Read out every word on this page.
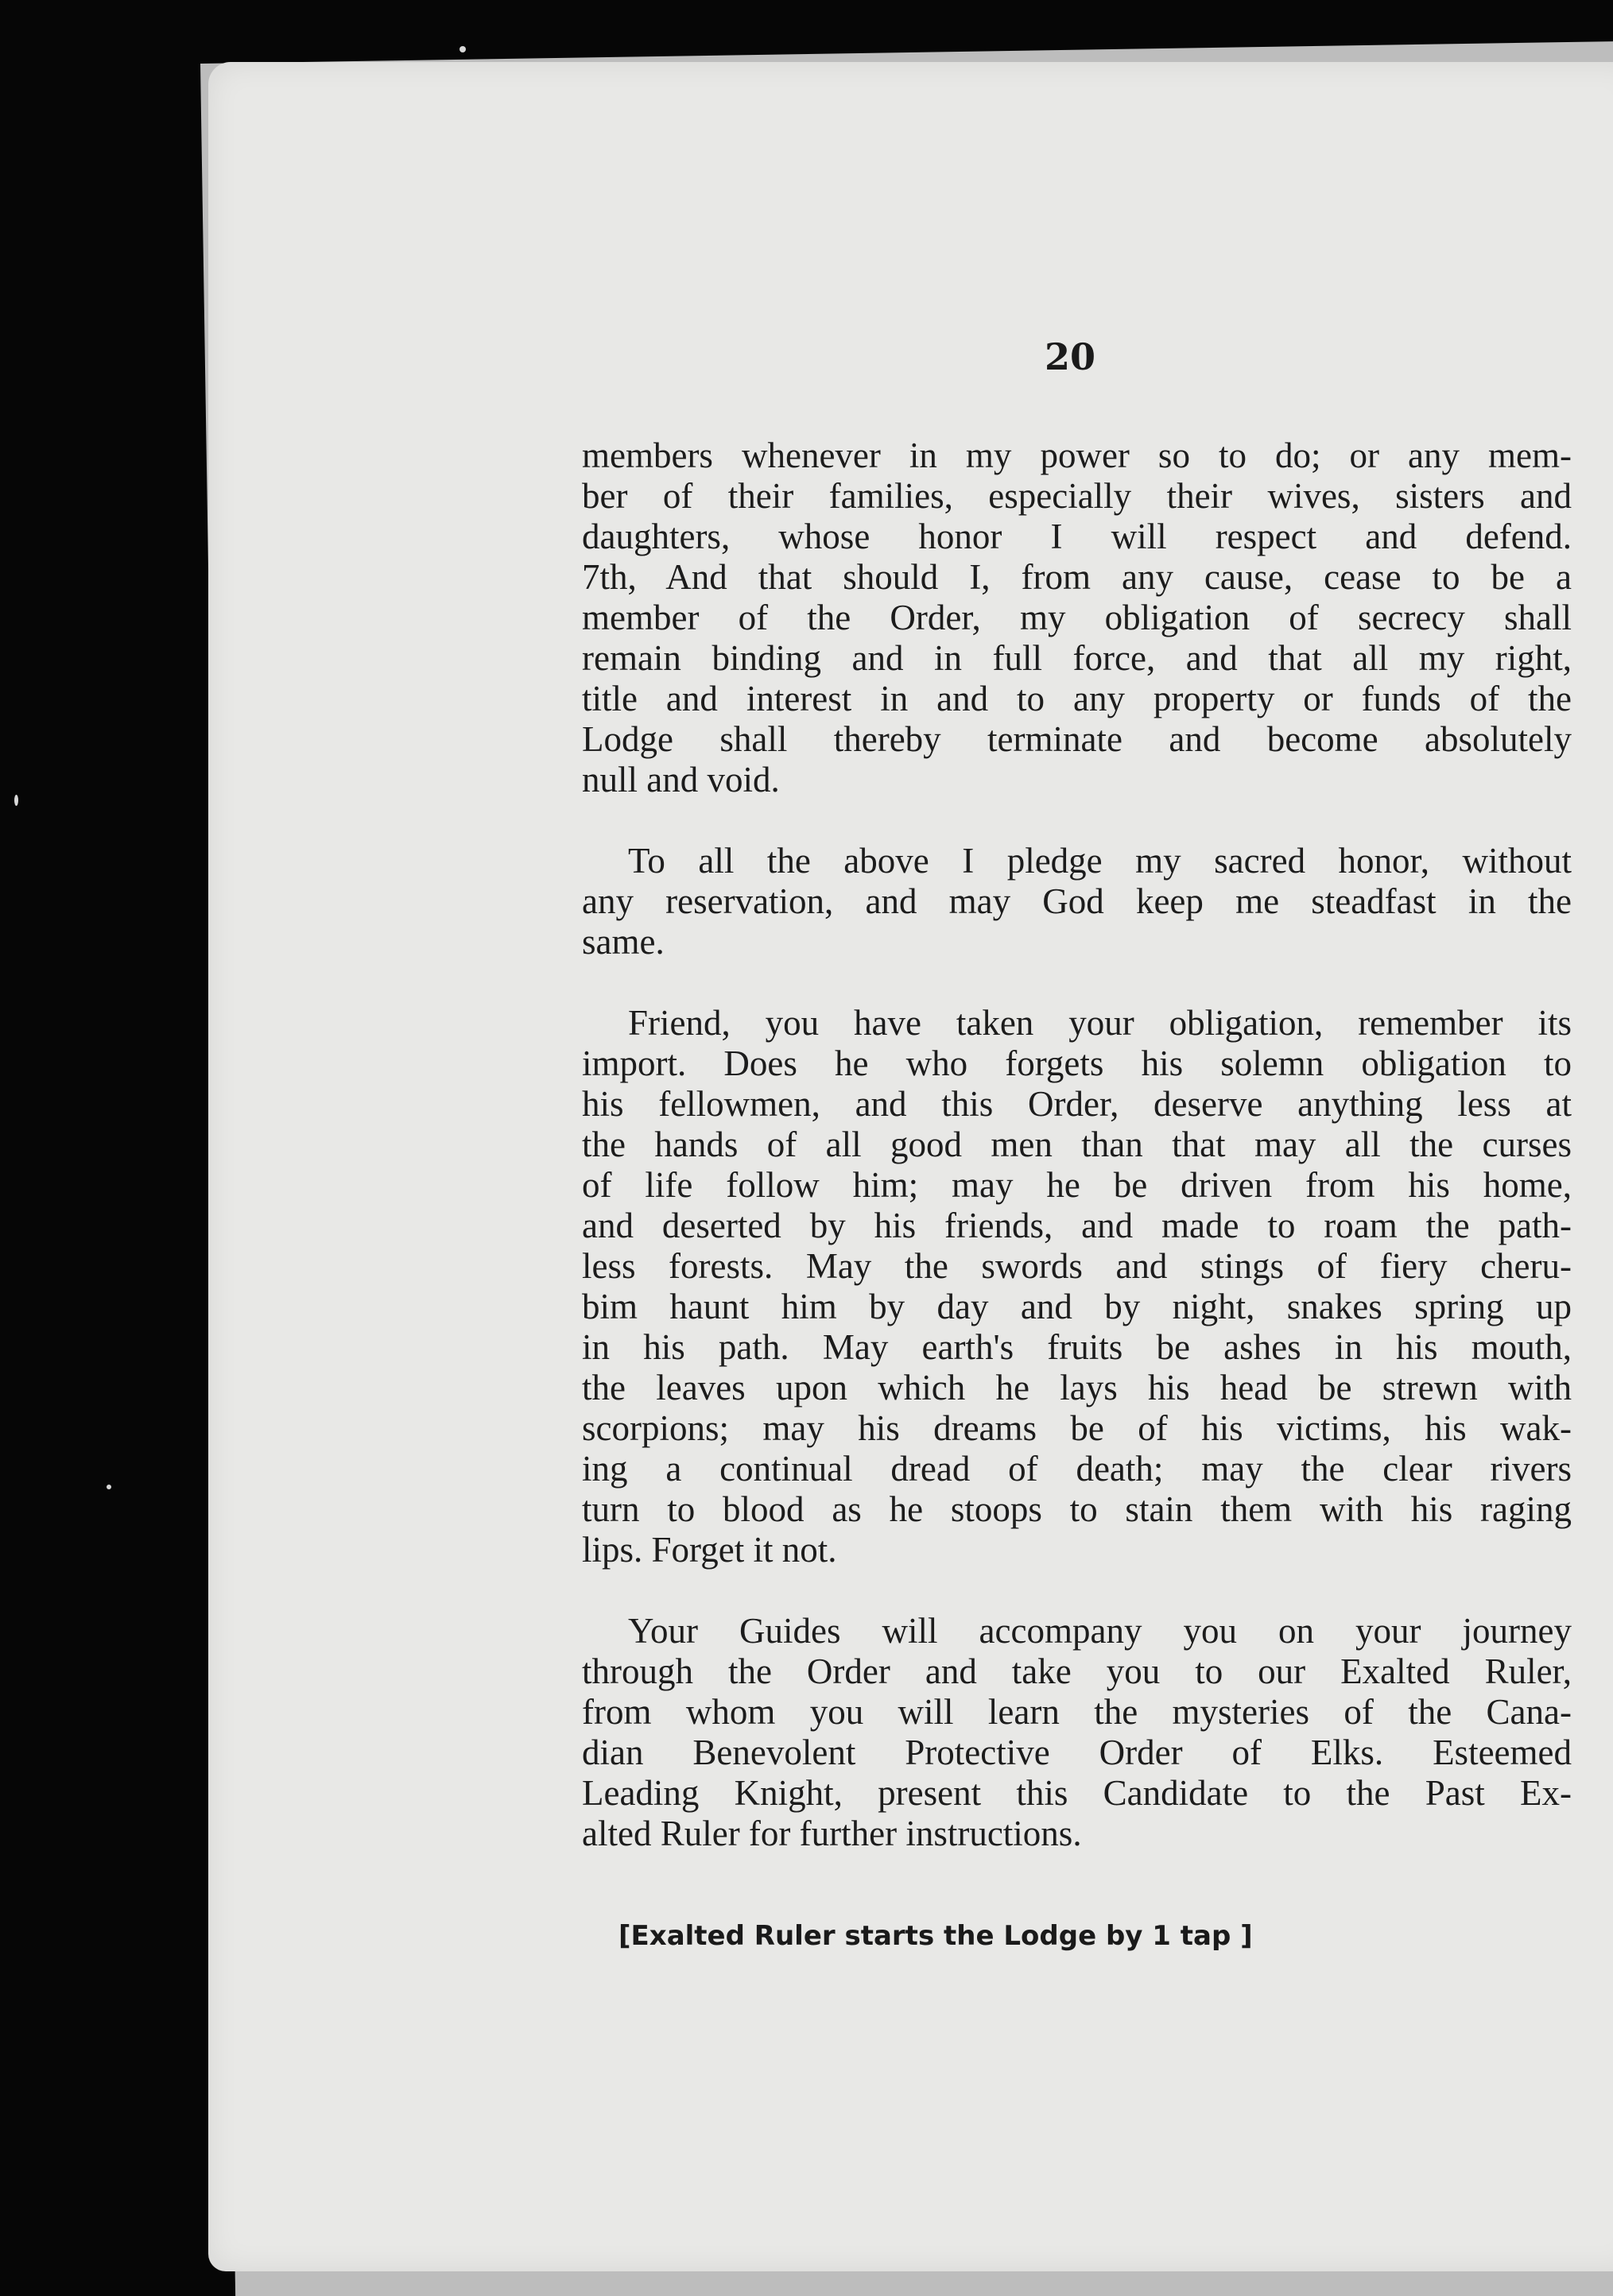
20
members whenever in my power so to do; or any mem-
ber of their families, especially their wives, sisters and
daughters, whose honor I will respect and defend.
7th, And that should I, from any cause, cease to be a
member of the Order, my obligation of secrecy shall
remain binding and in full force, and that all my right,
title and interest in and to any property or funds of the
Lodge shall thereby terminate and become absolutely
null and void.
To all the above I pledge my sacred honor, without
any reservation, and may God keep me steadfast in the
same.
Friend, you have taken your obligation, remember its
import. Does he who forgets his solemn obligation to
his fellowmen, and this Order, deserve anything less at
the hands of all good men than that may all the curses
of life follow him; may he be driven from his home,
and deserted by his friends, and made to roam the path-
less forests. May the swords and stings of fiery cheru-
bim haunt him by day and by night, snakes spring up
in his path. May earth's fruits be ashes in his mouth,
the leaves upon which he lays his head be strewn with
scorpions; may his dreams be of his victims, his wak-
ing a continual dread of death; may the clear rivers
turn to blood as he stoops to stain them with his raging
lips. Forget it not.
Your Guides will accompany you on your journey
through the Order and take you to our Exalted Ruler,
from whom you will learn the mysteries of the Cana-
dian Benevolent Protective Order of Elks. Esteemed
Leading Knight, present this Candidate to the Past Ex-
alted Ruler for further instructions.
[Exalted Ruler starts the Lodge by 1 tap ]
